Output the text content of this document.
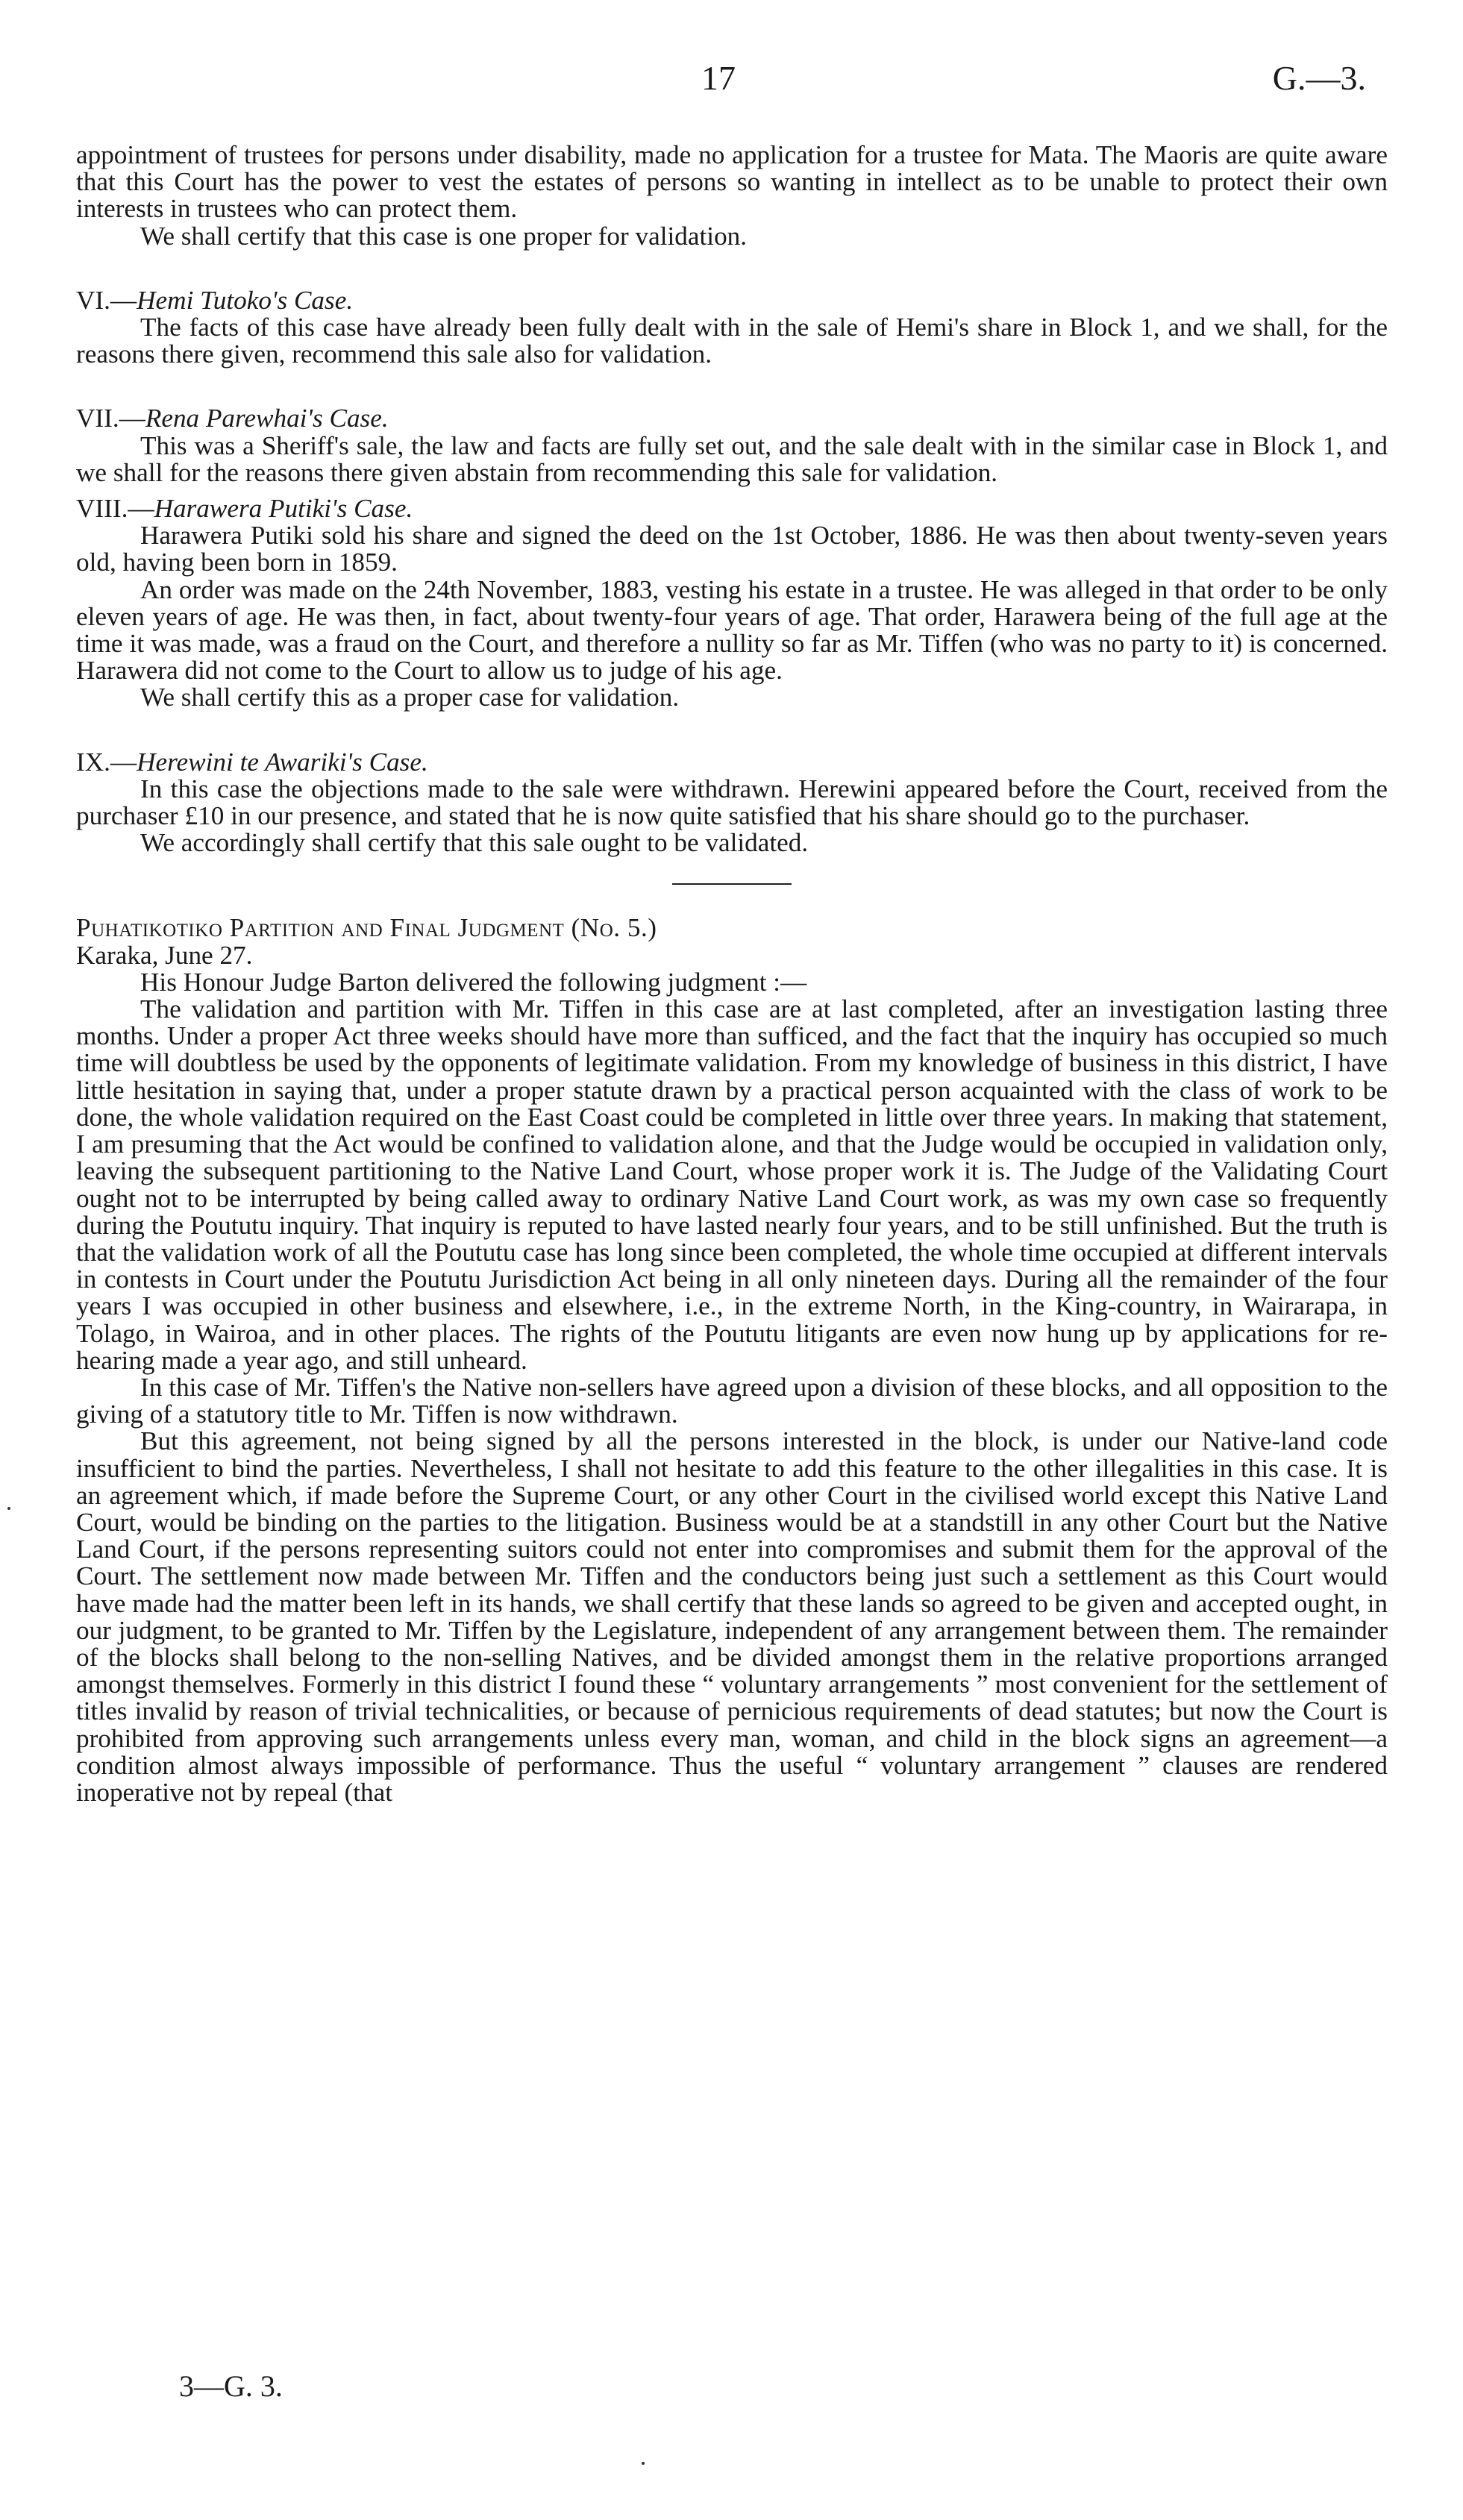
17	G.—3.

appointment of trustees for persons under disability, made no application for a trustee for Mata. The Maoris are quite aware that this Court has the power to vest the estates of persons so wanting in intellect as to be unable to protect their own interests in trustees who can protect them.

We shall certify that this case is one proper for validation.

VI.—Hemi Tutoko's Case.

The facts of this case have already been fully dealt with in the sale of Hemi's share in Block 1, and we shall, for the reasons there given, recommend this sale also for validation.

VII.—Rena Parewhai's Case.

This was a Sheriff's sale, the law and facts are fully set out, and the sale dealt with in the similar case in Block 1, and we shall for the reasons there given abstain from recommending this sale for validation.

VIII.—Harawera Putiki's Case.

Harawera Putiki sold his share and signed the deed on the 1st October, 1886. He was then about twenty-seven years old, having been born in 1859.

An order was made on the 24th November, 1883, vesting his estate in a trustee. He was alleged in that order to be only eleven years of age. He was then, in fact, about twenty-four years of age. That order, Harawera being of the full age at the time it was made, was a fraud on the Court, and therefore a nullity so far as Mr. Tiffen (who was no party to it) is concerned. Harawera did not come to the Court to allow us to judge of his age.

We shall certify this as a proper case for validation.

IX.—Herewini te Awariki's Case.

In this case the objections made to the sale were withdrawn. Herewini appeared before the Court, received from the purchaser £10 in our presence, and stated that he is now quite satisfied that his share should go to the purchaser.

We accordingly shall certify that this sale ought to be validated.

Puhatikotiko Partition and Final Judgment (No. 5.)

Karaka, June 27.

His Honour Judge Barton delivered the following judgment :—

The validation and partition with Mr. Tiffen in this case are at last completed, after an investigation lasting three months. Under a proper Act three weeks should have more than sufficed, and the fact that the inquiry has occupied so much time will doubtless be used by the opponents of legitimate validation. From my knowledge of business in this district, I have little hesitation in saying that, under a proper statute drawn by a practical person acquainted with the class of work to be done, the whole validation required on the East Coast could be completed in little over three years. In making that statement, I am presuming that the Act would be confined to validation alone, and that the Judge would be occupied in validation only, leaving the subsequent partitioning to the Native Land Court, whose proper work it is. The Judge of the Validating Court ought not to be interrupted by being called away to ordinary Native Land Court work, as was my own case so frequently during the Poututu inquiry. That inquiry is reputed to have lasted nearly four years, and to be still unfinished. But the truth is that the validation work of all the Poututu case has long since been completed, the whole time occupied at different intervals in contests in Court under the Poututu Jurisdiction Act being in all only nineteen days. During all the remainder of the four years I was occupied in other business and elsewhere, i.e., in the extreme North, in the King-country, in Wairarapa, in Tolago, in Wairoa, and in other places. The rights of the Poututu litigants are even now hung up by applications for re-hearing made a year ago, and still unheard.

In this case of Mr. Tiffen's the Native non-sellers have agreed upon a division of these blocks, and all opposition to the giving of a statutory title to Mr. Tiffen is now withdrawn.

But this agreement, not being signed by all the persons interested in the block, is under our Native-land code insufficient to bind the parties. Nevertheless, I shall not hesitate to add this feature to the other illegalities in this case. It is an agreement which, if made before the Supreme Court, or any other Court in the civilised world except this Native Land Court, would be binding on the parties to the litigation. Business would be at a standstill in any other Court but the Native Land Court, if the persons representing suitors could not enter into compromises and submit them for the approval of the Court. The settlement now made between Mr. Tiffen and the conductors being just such a settlement as this Court would have made had the matter been left in its hands, we shall certify that these lands so agreed to be given and accepted ought, in our judgment, to be granted to Mr. Tiffen by the Legislature, independent of any arrangement between them. The remainder of the blocks shall belong to the non-selling Natives, and be divided amongst them in the relative proportions arranged amongst themselves. Formerly in this district I found these “ voluntary arrangements ” most convenient for the settlement of titles invalid by reason of trivial technicalities, or because of pernicious requirements of dead statutes; but now the Court is prohibited from approving such arrangements unless every man, woman, and child in the block signs an agreement—a condition almost always impossible of performance. Thus the useful “ voluntary arrangement ” clauses are rendered inoperative not by repeal (that

3—G. 3.
